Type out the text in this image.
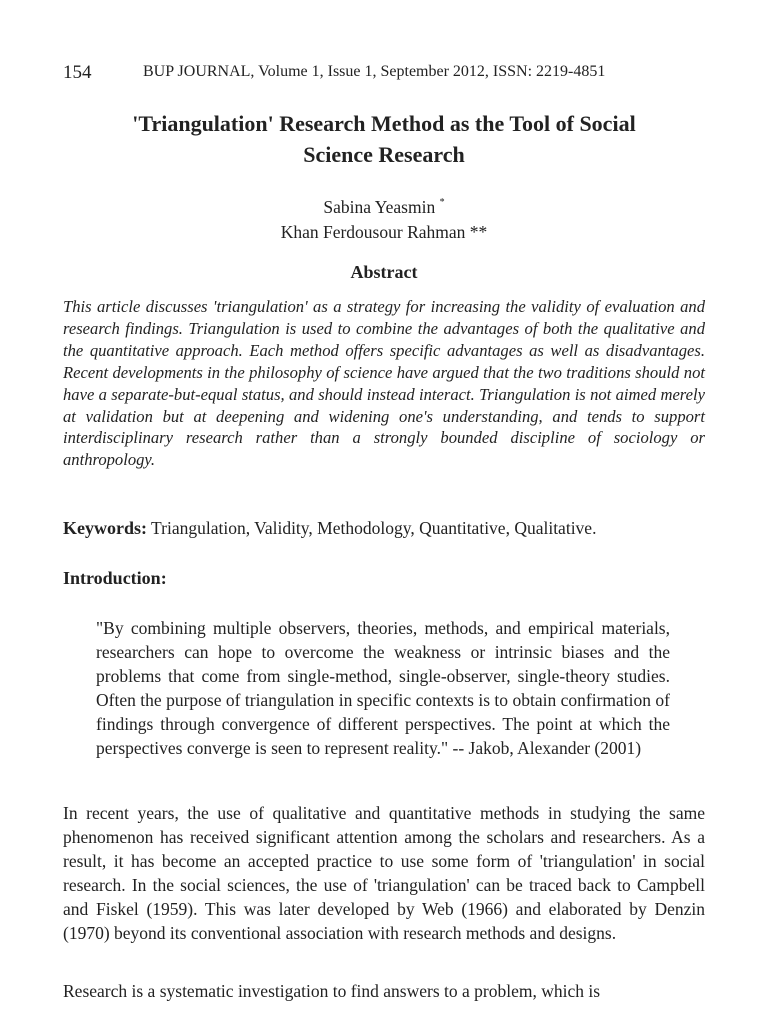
154	BUP JOURNAL, Volume 1, Issue 1, September 2012, ISSN: 2219-4851
'Triangulation' Research Method as the Tool of Social
Science Research
Sabina Yeasmin *
Khan Ferdousour Rahman **
Abstract
This article discusses 'triangulation' as a strategy for increasing the validity of evaluation and research findings. Triangulation is used to combine the advantages of both the qualitative and the quantitative approach. Each method offers specific advantages as well as disadvantages. Recent developments in the philosophy of science have argued that the two traditions should not have a separate-but-equal status, and should instead interact. Triangulation is not aimed merely at validation but at deepening and widening one's understanding, and tends to support interdisciplinary research rather than a strongly bounded discipline of sociology or anthropology.
Keywords: Triangulation, Validity, Methodology, Quantitative, Qualitative.
Introduction:
"By combining multiple observers, theories, methods, and empirical materials, researchers can hope to overcome the weakness or intrinsic biases and the problems that come from single-method, single-observer, single-theory studies. Often the purpose of triangulation in specific contexts is to obtain confirmation of findings through convergence of different perspectives. The point at which the perspectives converge is seen to represent reality." -- Jakob, Alexander (2001)
In recent years, the use of qualitative and quantitative methods in studying the same phenomenon has received significant attention among the scholars and researchers. As a result, it has become an accepted practice to use some form of 'triangulation' in social research. In the social sciences, the use of 'triangulation' can be traced back to Campbell and Fiskel (1959). This was later developed by Web (1966) and elaborated by Denzin (1970) beyond its conventional association with research methods and designs.
Research is a systematic investigation to find answers to a problem, which is
